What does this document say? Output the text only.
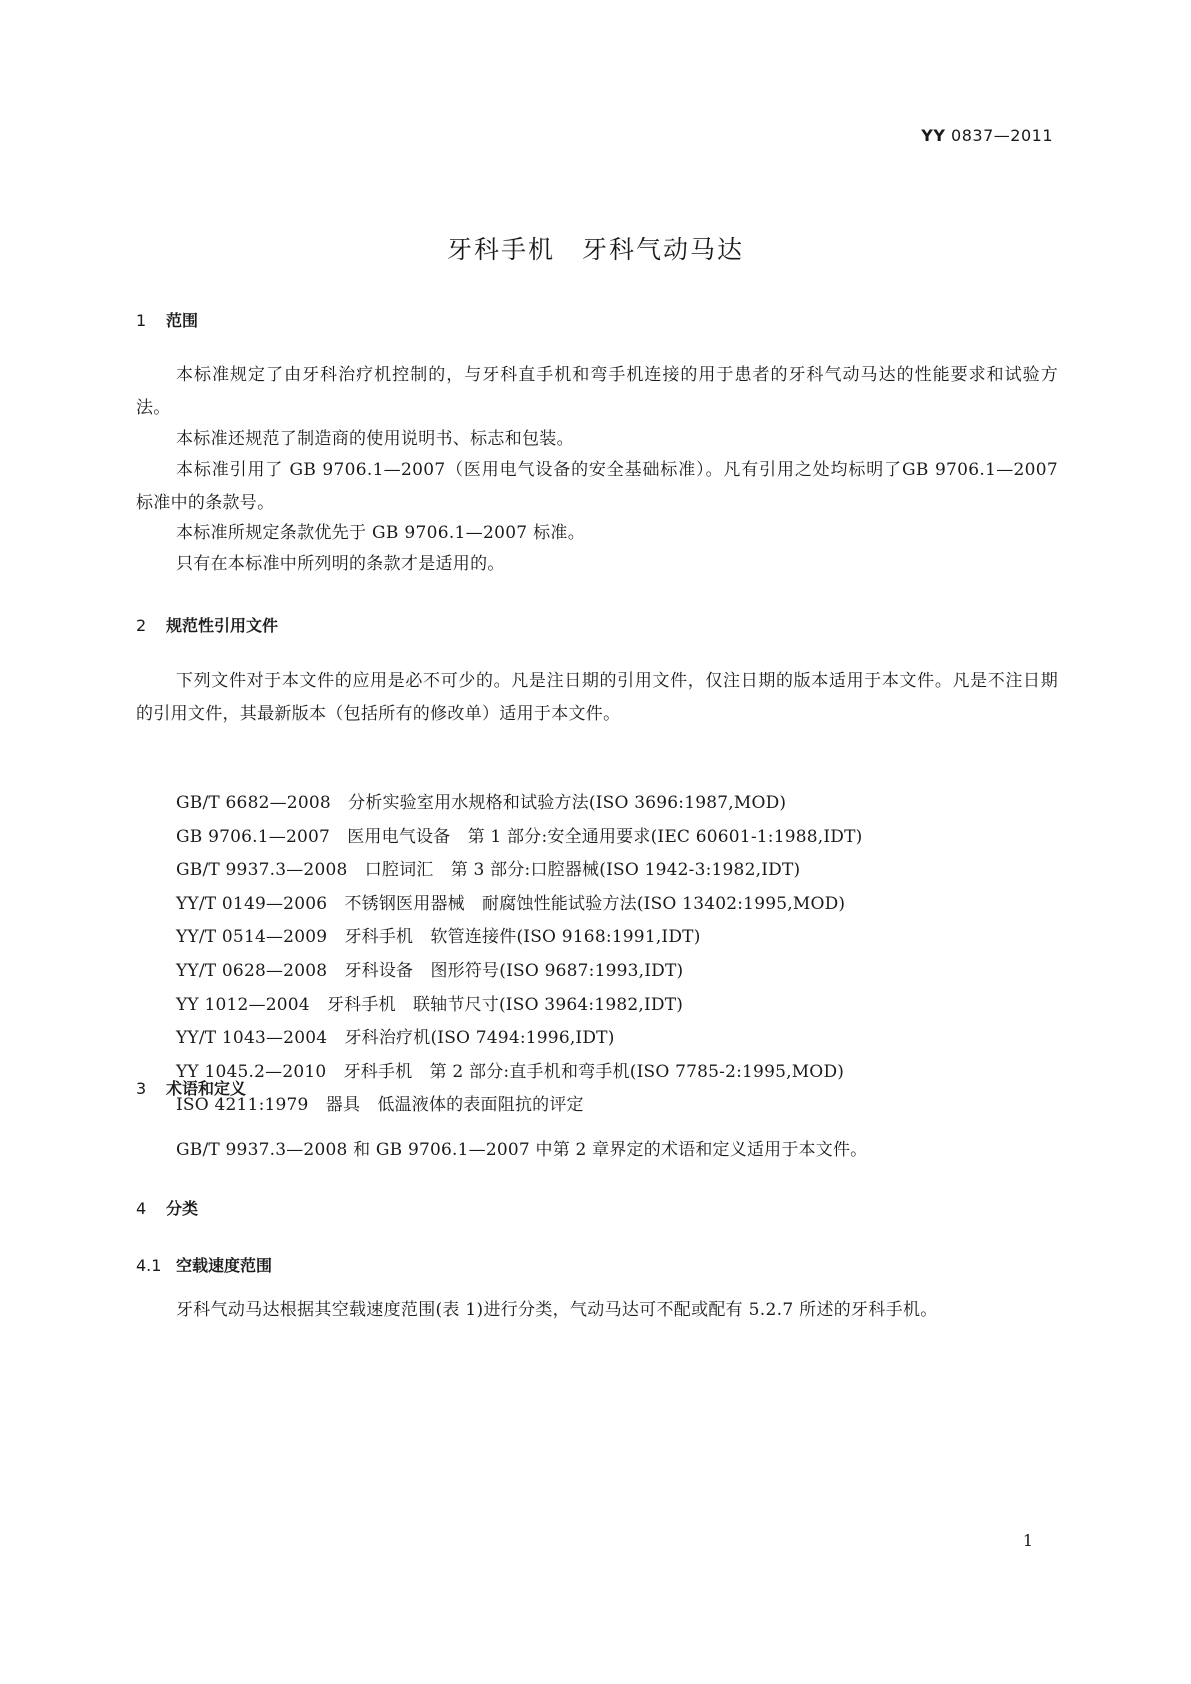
YY 0837—2011
牙科手机　牙科气动马达
1 范围
本标准规定了由牙科治疗机控制的，与牙科直手机和弯手机连接的用于患者的牙科气动马达的性能要求和试验方法。
本标准还规范了制造商的使用说明书、标志和包装。
本标准引用了 GB 9706.1—2007（医用电气设备的安全基础标准）。凡有引用之处均标明了GB 9706.1—2007 标准中的条款号。
本标准所规定条款优先于 GB 9706.1—2007 标准。
只有在本标准中所列明的条款才是适用的。
2 规范性引用文件
下列文件对于本文件的应用是必不可少的。凡是注日期的引用文件，仅注日期的版本适用于本文件。凡是不注日期的引用文件，其最新版本（包括所有的修改单）适用于本文件。
GB/T 6682—2008　分析实验室用水规格和试验方法(ISO 3696:1987,MOD)
GB 9706.1—2007　医用电气设备　第 1 部分:安全通用要求(IEC 60601-1:1988,IDT)
GB/T 9937.3—2008　口腔词汇　第 3 部分:口腔器械(ISO 1942-3:1982,IDT)
YY/T 0149—2006　不锈钢医用器械　耐腐蚀性能试验方法(ISO 13402:1995,MOD)
YY/T 0514—2009　牙科手机　软管连接件(ISO 9168:1991,IDT)
YY/T 0628—2008　牙科设备　图形符号(ISO 9687:1993,IDT)
YY 1012—2004　牙科手机　联轴节尺寸(ISO 3964:1982,IDT)
YY/T 1043—2004　牙科治疗机(ISO 7494:1996,IDT)
YY 1045.2—2010　牙科手机　第 2 部分:直手机和弯手机(ISO 7785-2:1995,MOD)
ISO 4211:1979　器具　低温液体的表面阻抗的评定
3 术语和定义
GB/T 9937.3—2008 和 GB 9706.1—2007 中第 2 章界定的术语和定义适用于本文件。
4 分类
4.1 空载速度范围
牙科气动马达根据其空载速度范围(表 1)进行分类，气动马达可不配或配有 5.2.7 所述的牙科手机。
1
